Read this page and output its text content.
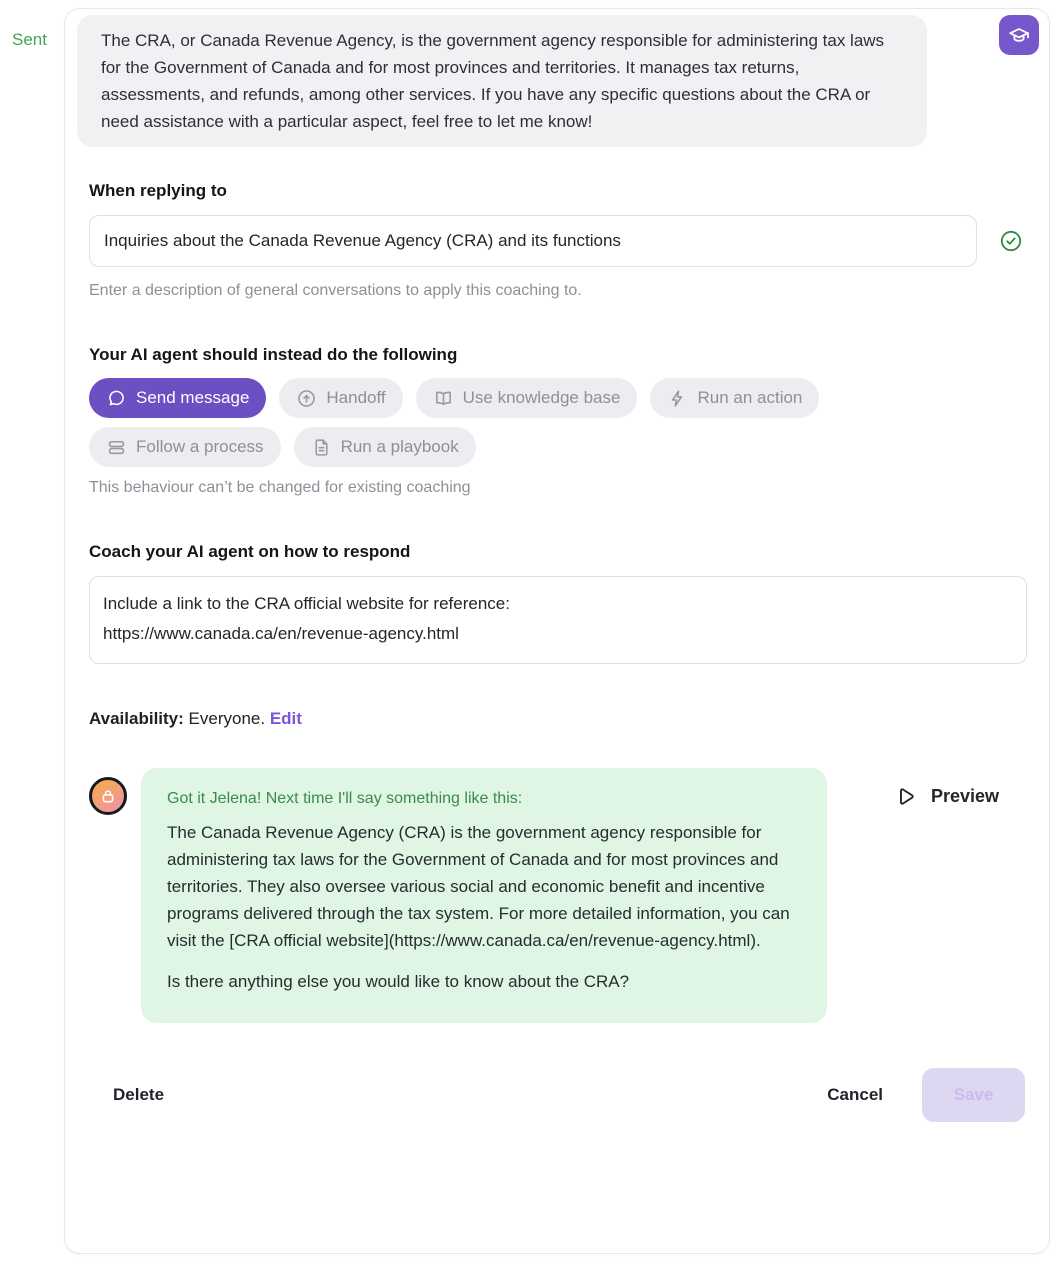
Sent	The CRA, or Canada Revenue Agency, is the government agency responsible for administering tax laws for the Government of Canada and for most provinces and territories. It manages tax returns, assessments, and refunds, among other services. If you have any specific questions about the CRA or need assistance with a particular aspect, feel free to let me know!
When replying to
Inquiries about the Canada Revenue Agency (CRA) and its functions

Enter a description of general conversations to apply this coaching to.

Your AI agent should instead do the following
Send message	Handoff	Use knowledge base	Run an action
Follow a process	Run a playbook

This behaviour can’t be changed for existing coaching

Coach your AI agent on how to respond
Include a link to the CRA official website for reference: https://www.canada.ca/en/revenue-agency.html

Availability: Everyone. Edit

Got it Jelena! Next time I'll say something like this:

The Canada Revenue Agency (CRA) is the government agency responsible for administering tax laws for the Government of Canada and for most provinces and territories. They also oversee various social and economic benefit and incentive programs delivered through the tax system. For more detailed information, you can visit the [CRA official website](https://www.canada.ca/en/revenue-agency.html).

Is there anything else you would like to know about the CRA?

Preview
Delete	Cancel	Save
